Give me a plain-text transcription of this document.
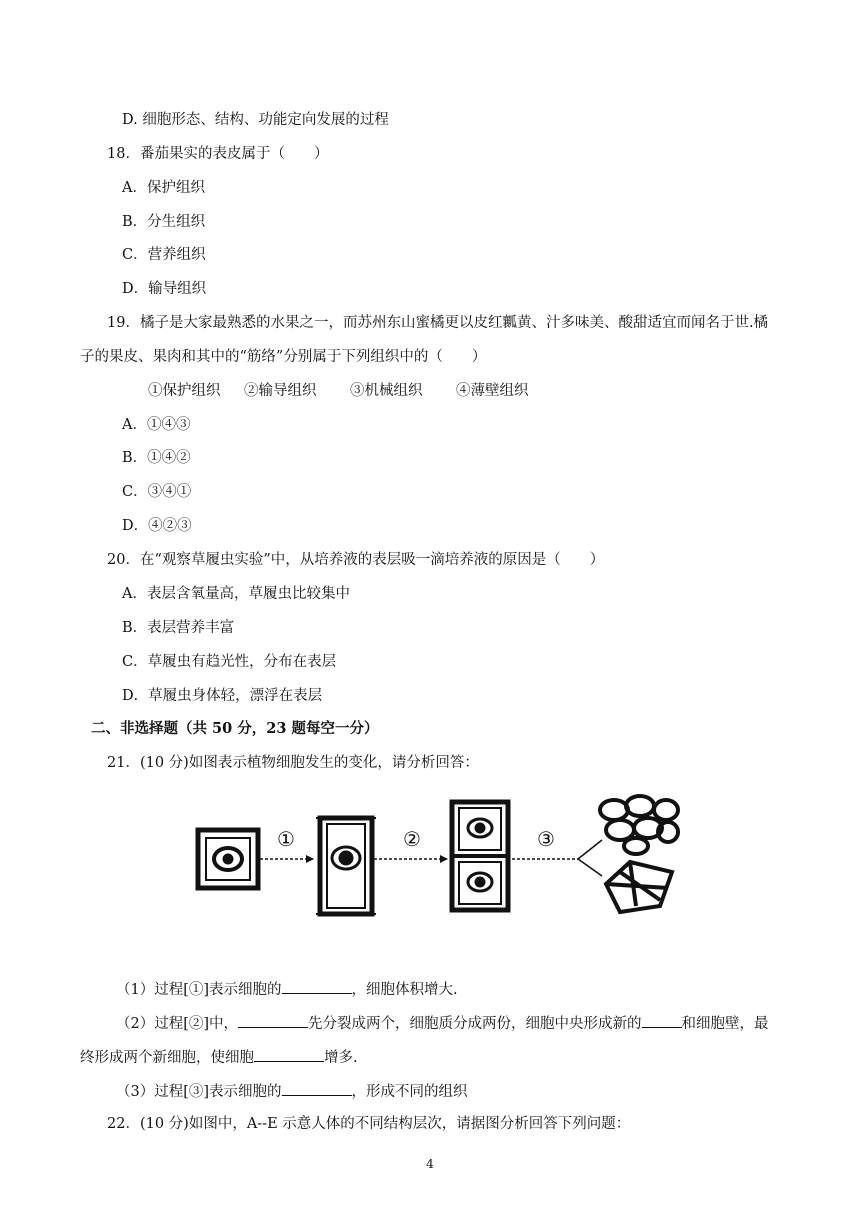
D. 细胞形态、结构、功能定向发展的过程
18．番茄果实的表皮属于（　　）
A．保护组织
B．分生组织
C．营养组织
D．输导组织
19．橘子是大家最熟悉的水果之一，而苏州东山蜜橘更以皮红瓤黄、汁多味美、酸甜适宜而闻名于世.橘
子的果皮、果肉和其中的“筋络”分别属于下列组织中的（　　）
①保护组织 ②输导组织 ③机械组织 ④薄壁组织
A．①④③
B．①④②
C．③④①
D．④②③
20．在“观察草履虫实验”中，从培养液的表层吸一滴培养液的原因是（　　）
A．表层含氧量高，草履虫比较集中
B．表层营养丰富
C．草履虫有趋光性，分布在表层
D．草履虫身体轻，漂浮在表层
二、非选择题（共 50 分，23 题每空一分）
21．(10 分)如图表示植物细胞发生的变化，请分析回答：
①	②	③
（1）过程[①]表示细胞的	，细胞体积增大.
（2）过程[②]中，	先分裂成两个，细胞质分成两份，细胞中央形成新的	和细胞壁，最
终形成两个新细胞，使细胞	增多.
（3）过程[③]表示细胞的	，形成不同的组织
22．(10 分)如图中，A--E 示意人体的不同结构层次，请据图分析回答下列问题：
4
